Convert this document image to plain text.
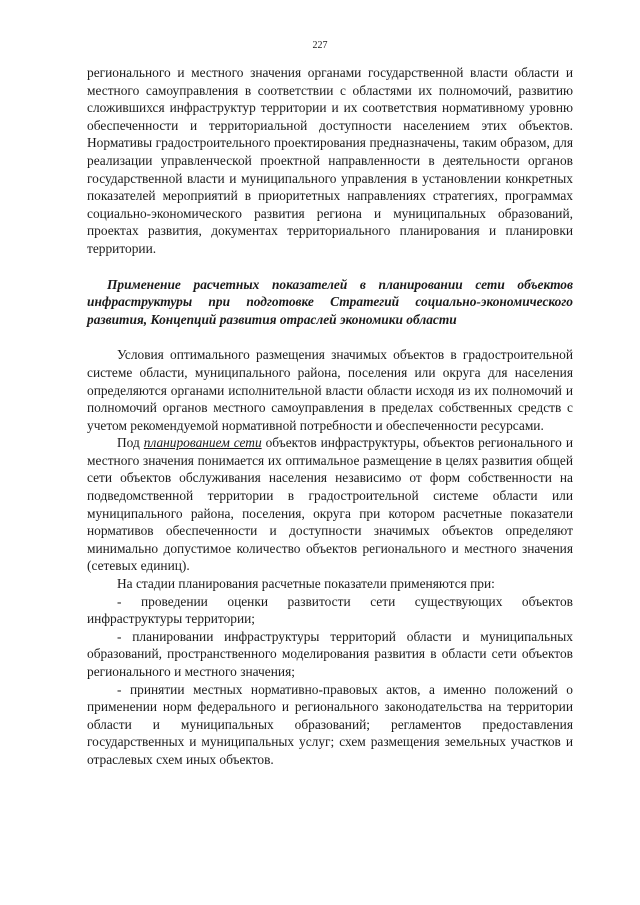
227

регионального и местного значения органами государственной власти области и местного самоуправления в соответствии с областями их полномочий, развитию сложившихся инфраструктур территории и их соответствия нормативному уровню обеспеченности и территориальной доступности населением этих объектов. Нормативы градостроительного проектирования предназначены, таким образом, для реализации управленческой проектной направленности в деятельности органов государственной власти и муниципального управления в установлении конкретных показателей мероприятий в приоритетных направлениях стратегиях, программах социально-экономического развития региона и муниципальных образований, проектах развития, документах территориального планирования и планировки территории.

Применение расчетных показателей в планировании сети объектов инфраструктуры при подготовке Стратегий социально-экономического развития, Концепций развития отраслей экономики области

Условия оптимального размещения значимых объектов в градостроительной системе области, муниципального района, поселения или округа для населения определяются органами исполнительной власти области исходя из их полномочий и полномочий органов местного самоуправления в пределах собственных средств с учетом рекомендуемой нормативной потребности и обеспеченности ресурсами.

Под планированием сети объектов инфраструктуры, объектов регионального и местного значения понимается их оптимальное размещение в целях развития общей сети объектов обслуживания населения независимо от форм собственности на подведомственной территории в градостроительной системе области или муниципального района, поселения, округа при котором расчетные показатели нормативов обеспеченности и доступности значимых объектов определяют минимально допустимое количество объектов регионального и местного значения (сетевых единиц).

На стадии планирования расчетные показатели применяются при:

- проведении оценки развитости сети существующих объектов инфраструктуры территории;

- планировании инфраструктуры территорий области и муниципальных образований, пространственного моделирования развития в области сети объектов регионального и местного значения;

- принятии местных нормативно-правовых актов, а именно положений о применении норм федерального и регионального законодательства на территории области и муниципальных образований; регламентов предоставления государственных и муниципальных услуг; схем размещения земельных участков и отраслевых схем иных объектов.
